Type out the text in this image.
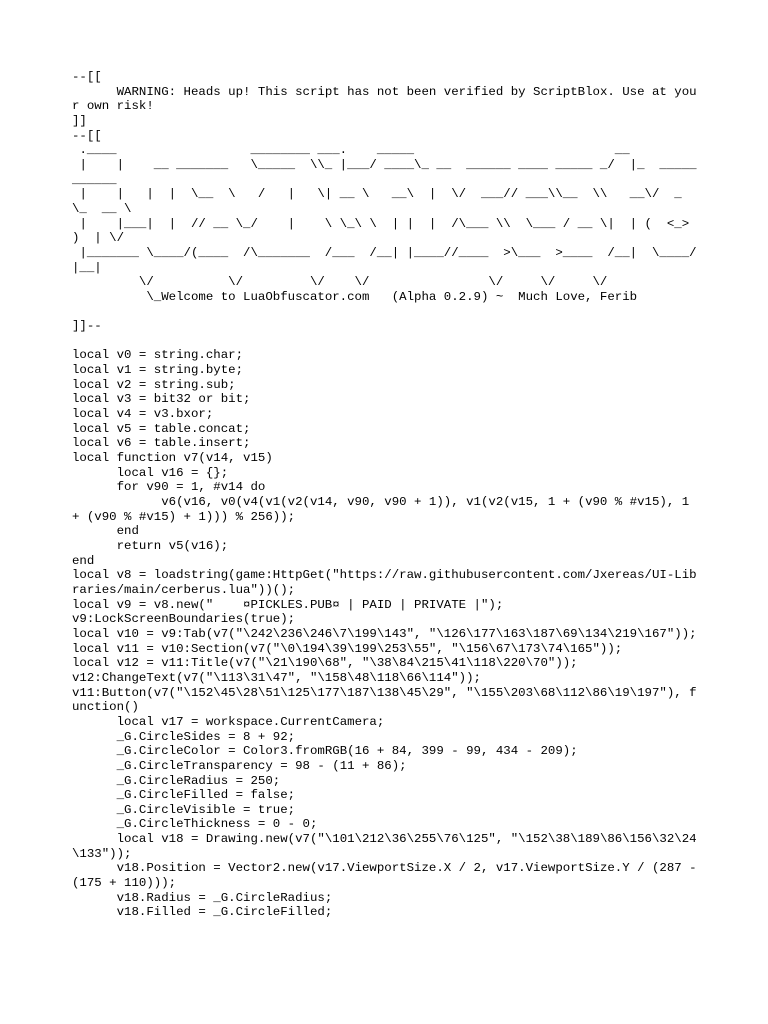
--[[
WARNING: Heads up! This script has not been verified by ScriptBlox. Use at your own risk!
]]
--[[
.____                  ________ ___.    _____                           __
|    |    __ _______   \_____  \\_ |___/ ____\_ __  ______ ____ _____ _/  |_  ___________
|    |   |  |  \__  \   /   |   \| __ \   __\  |  \/  ___// ___\\__  \\   __\/  _ \_  __ \
|    |___|  |  // __ \_/    |    \ \_\ \  | |  |  /\___ \\  \___ / __ \|  | (  <_> )  | \/
|_______ \____/(____  /\_______  /___  /__| |____//____  >\___  >____  /__|  \____/|__|
\/          \/         \/    \/                \/     \/     \/
\_Welcome to LuaObfuscator.com   (Alpha 0.2.9) ~  Much Love, Ferib

]]--

local v0 = string.char;
local v1 = string.byte;
local v2 = string.sub;
local v3 = bit32 or bit;
local v4 = v3.bxor;
local v5 = table.concat;
local v6 = table.insert;
local function v7(v14, v15)
local v16 = {};
for v90 = 1, #v14 do
v6(v16, v0(v4(v1(v2(v14, v90, v90 + 1)), v1(v2(v15, 1 + (v90 % #v15), 1 + (v90 % #v15) + 1))) % 256));
end
return v5(v16);
end
local v8 = loadstring(game:HttpGet("https://raw.githubusercontent.com/Jxereas/UI-Libraries/main/cerberus.lua"))();
local v9 = v8.new("    ¤PICKLES.PUB¤ | PAID | PRIVATE |");
v9:LockScreenBoundaries(true);
local v10 = v9:Tab(v7("\242\236\246\7\199\143", "\126\177\163\187\69\134\219\167"));
local v11 = v10:Section(v7("\0\194\39\199\253\55", "\156\67\173\74\165"));
local v12 = v11:Title(v7("\21\190\68", "\38\84\215\41\118\220\70"));
v12:ChangeText(v7("\113\31\47", "\158\48\118\66\114"));
v11:Button(v7("\152\45\28\51\125\177\187\138\45\29", "\155\203\68\112\86\19\197"), function()
local v17 = workspace.CurrentCamera;
_G.CircleSides = 8 + 92;
_G.CircleColor = Color3.fromRGB(16 + 84, 399 - 99, 434 - 209);
_G.CircleTransparency = 98 - (11 + 86);
_G.CircleRadius = 250;
_G.CircleFilled = false;
_G.CircleVisible = true;
_G.CircleThickness = 0 - 0;
local v18 = Drawing.new(v7("\101\212\36\255\76\125", "\152\38\189\86\156\32\24\133"));
v18.Position = Vector2.new(v17.ViewportSize.X / 2, v17.ViewportSize.Y / (287 - (175 + 110)));
v18.Radius = _G.CircleRadius;
v18.Filled = _G.CircleFilled;
